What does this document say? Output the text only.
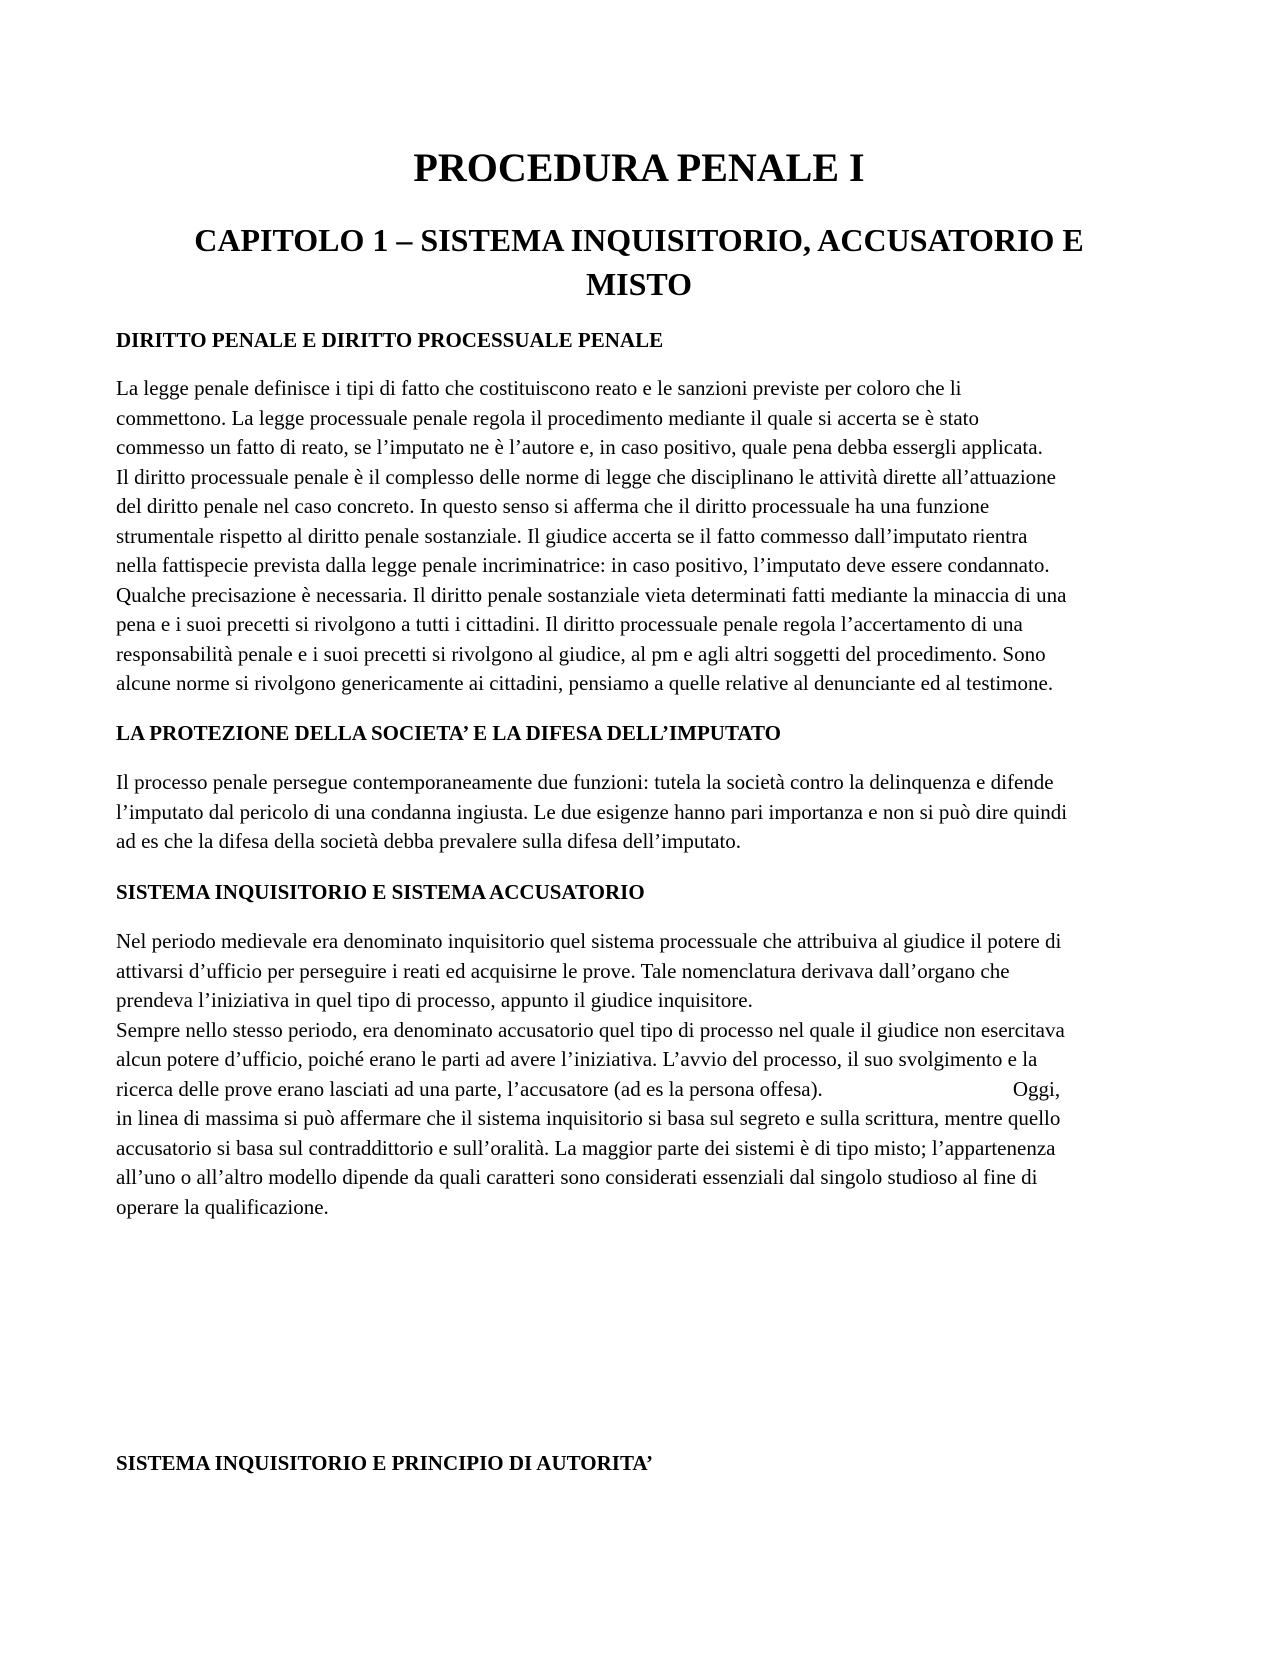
PROCEDURA PENALE I
CAPITOLO 1 – SISTEMA INQUISITORIO, ACCUSATORIO E
MISTO
DIRITTO PENALE E DIRITTO PROCESSUALE PENALE
La legge penale definisce i tipi di fatto che costituiscono reato e le sanzioni previste per coloro che li
commettono. La legge processuale penale regola il procedimento mediante il quale si accerta se è stato
commesso un fatto di reato, se l’imputato ne è l’autore e, in caso positivo, quale pena debba essergli applicata.
Il diritto processuale penale è il complesso delle norme di legge che disciplinano le attività dirette all’attuazione
del diritto penale nel caso concreto. In questo senso si afferma che il diritto processuale ha una funzione
strumentale rispetto al diritto penale sostanziale. Il giudice accerta se il fatto commesso dall’imputato rientra
nella fattispecie prevista dalla legge penale incriminatrice: in caso positivo, l’imputato deve essere condannato.
Qualche precisazione è necessaria. Il diritto penale sostanziale vieta determinati fatti mediante la minaccia di una
pena e i suoi precetti si rivolgono a tutti i cittadini. Il diritto processuale penale regola l’accertamento di una
responsabilità penale e i suoi precetti si rivolgono al giudice, al pm e agli altri soggetti del procedimento. Sono
alcune norme si rivolgono genericamente ai cittadini, pensiamo a quelle relative al denunciante ed al testimone.
LA PROTEZIONE DELLA SOCIETA’ E LA DIFESA DELL’IMPUTATO
Il processo penale persegue contemporaneamente due funzioni: tutela la società contro la delinquenza e difende
l’imputato dal pericolo di una condanna ingiusta. Le due esigenze hanno pari importanza e non si può dire quindi
ad es che la difesa della società debba prevalere sulla difesa dell’imputato.
SISTEMA INQUISITORIO E SISTEMA ACCUSATORIO
Nel periodo medievale era denominato inquisitorio quel sistema processuale che attribuiva al giudice il potere di
attivarsi d’ufficio per perseguire i reati ed acquisirne le prove. Tale nomenclatura derivava dall’organo che
prendeva l’iniziativa in quel tipo di processo, appunto il giudice inquisitore.
Sempre nello stesso periodo, era denominato accusatorio quel tipo di processo nel quale il giudice non esercitava
alcun potere d’ufficio, poiché erano le parti ad avere l’iniziativa. L’avvio del processo, il suo svolgimento e la
ricerca delle prove erano lasciati ad una parte, l’accusatore (ad es la persona offesa).	Oggi,
in linea di massima si può affermare che il sistema inquisitorio si basa sul segreto e sulla scrittura, mentre quello
accusatorio si basa sul contraddittorio e sull’oralità. La maggior parte dei sistemi è di tipo misto; l’appartenenza
all’uno o all’altro modello dipende da quali caratteri sono considerati essenziali dal singolo studioso al fine di
operare la qualificazione.
SISTEMA INQUISITORIO E PRINCIPIO DI AUTORITA’
